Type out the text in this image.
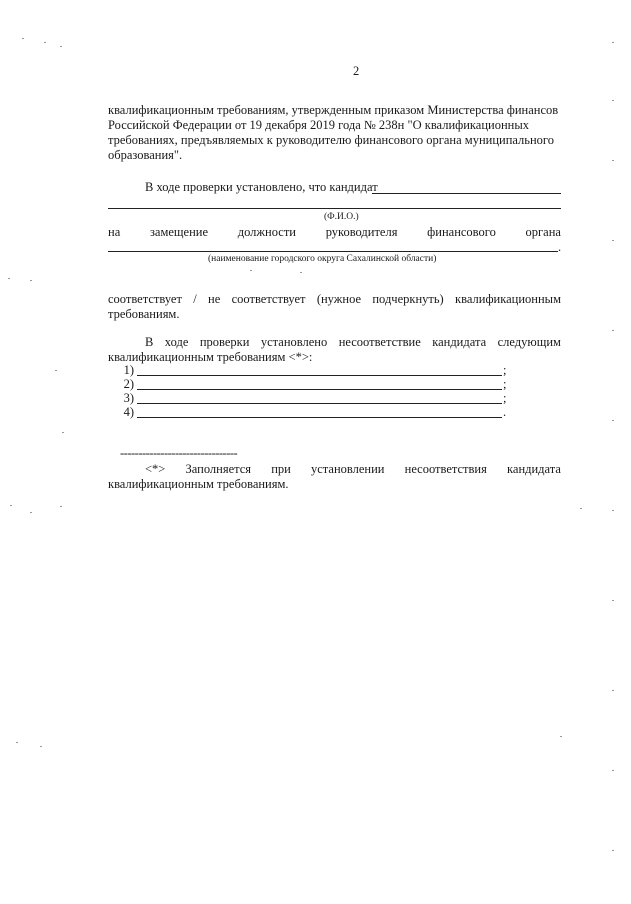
2
квалификационным требованиям, утвержденным приказом Министерства финансов
Российской Федерации от 19 декабря 2019 года № 238н "О квалификационных
требованиях, предъявляемых к руководителю финансового органа муниципального
образования".
В ходе проверки установлено, что кандидат
(Ф.И.О.)
на замещение должности руководителя финансового органа
.
(наименование городского округа Сахалинской области)
соответствует / не соответствует (нужное подчеркнуть) квалификационным
требованиям.
В ходе проверки установлено несоответствие кандидата следующим
квалификационным требованиям <*>:
1)	;
2)	;
3)	;
4)	.
--------------------------------
<*> Заполняется при установлении несоответствия кандидата
квалификационным требованиям.
